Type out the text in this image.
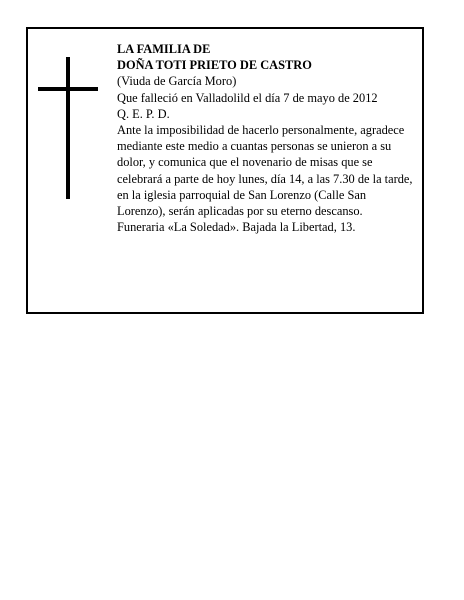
LA FAMILIA DE
DOÑA TOTI PRIETO DE CASTRO
(Viuda de García Moro)
Que falleció en Valladolild el día 7 de mayo de 2012
Q. E. P. D.

Ante la imposibilidad de hacerlo personalmente, agradece mediante este medio a cuantas personas se unieron a su dolor, y comunica que el novenario de misas que se celebrará a parte de hoy lunes, día 14, a las 7.30 de la tarde, en la iglesia parroquial de San Lorenzo (Calle San Lorenzo), serán aplicadas por su eterno descanso.

Funeraria «La Soledad». Bajada la Libertad, 13.
